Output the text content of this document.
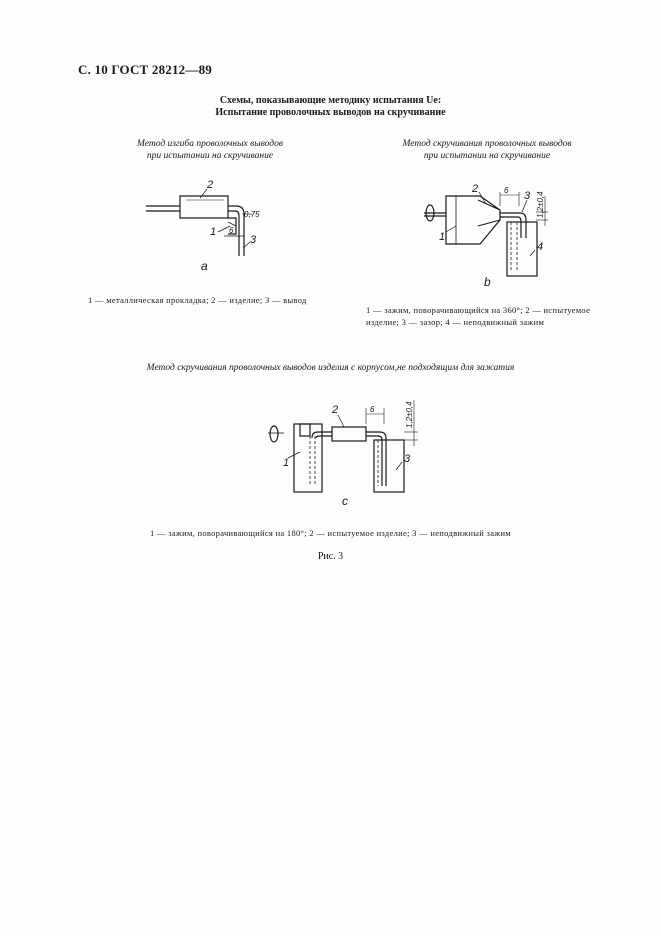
С. 10 ГОСТ 28212—89
Схемы, показывающие методику испытания Ue:
Испытание проволочных выводов на скручивание
Метод изгиба проволочных выводов
при испытании на скручивание
Метод скручивания проволочных выводов
при испытании на скручивание
2
1 6
3
0,75
a
2	6 3
1
4
1,2±0,4
b
1 — металлическая прокладка; 2 — изделие; 3 — вывод
1 — зажим, поворачивающийся на 360°; 2 — испытуемое
изделие; 3 — зазор; 4 — неподвижный зажим
Метод скручивания проволочных выводов изделия с корпусом,не подходящим для зажатия
2	6
1	3
1,2±0,4
c
1 — зажим, поворачивающийся на 180°; 2 — испытуемое изделие; 3 — неподвижный зажим
Рис. 3
